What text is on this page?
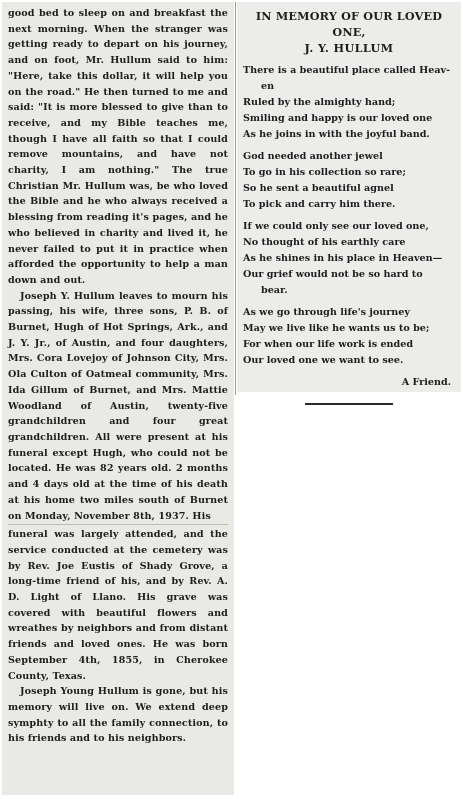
good bed to sleep on and breakfast the next morning. When the stranger was getting ready to depart on his journey, and on foot, Mr. Hullum said to him: "Here, take this dollar, it will help you on the road." He then turned to me and said: "It is more blessed to give than to receive, and my Bible teaches me, though I have all faith so that I could remove mountains, and have not charity, I am nothing." The true Christian Mr. Hullum was, be who loved the Bible and he who always received a blessing from reading it's pages, and he who believed in charity and lived it, he never failed to put it in practice when afforded the opportunity to help a man down and out.

Joseph Y. Hullum leaves to mourn his passing, his wife, three sons, P. B. of Burnet, Hugh of Hot Springs, Ark., and J. Y. Jr., of Austin, and four daughters, Mrs. Cora Lovejoy of Johnson City, Mrs. Ola Culton of Oatmeal community, Mrs. Ida Gillum of Burnet, and Mrs. Mattie Woodland of Austin, twenty-five grandchildren and four great grandchildren. All were present at his funeral except Hugh, who could not be located. He was 82 years old. 2 months and 4 days old at the time of his death at his home two miles south of Burnet on Monday, November 8th, 1937. His

funeral was largely attended, and the service conducted at the cemetery was by Rev. Joe Eustis of Shady Grove, a long-time friend of his, and by Rev. A. D. Light of Llano. His grave was covered with beautiful flowers and wreathes by neighbors and from distant friends and loved ones. He was born September 4th, 1855, in Cherokee County, Texas.

Joseph Young Hullum is gone, but his memory will live on. We extend deep symphty to all the family connection, to his friends and to his neighbors.

IN MEMORY OF OUR LOVED ONE,

J. Y. HULLUM

There is a beautiful place called Heav-

en

Ruled by the almighty hand;

Smiling and happy is our loved one

As he joins in with the joyful band.

God needed another jewel

To go in his collection so rare;

So he sent a beautiful agnel

To pick and carry him there.

If we could only see our loved one,

No thought of his earthly care

As he shines in his place in Heaven—

Our grief would not be so hard to

bear.

As we go through life's journey

May we live like he wants us to be;

For when our life work is ended

Our loved one we want to see.

A Friend.
